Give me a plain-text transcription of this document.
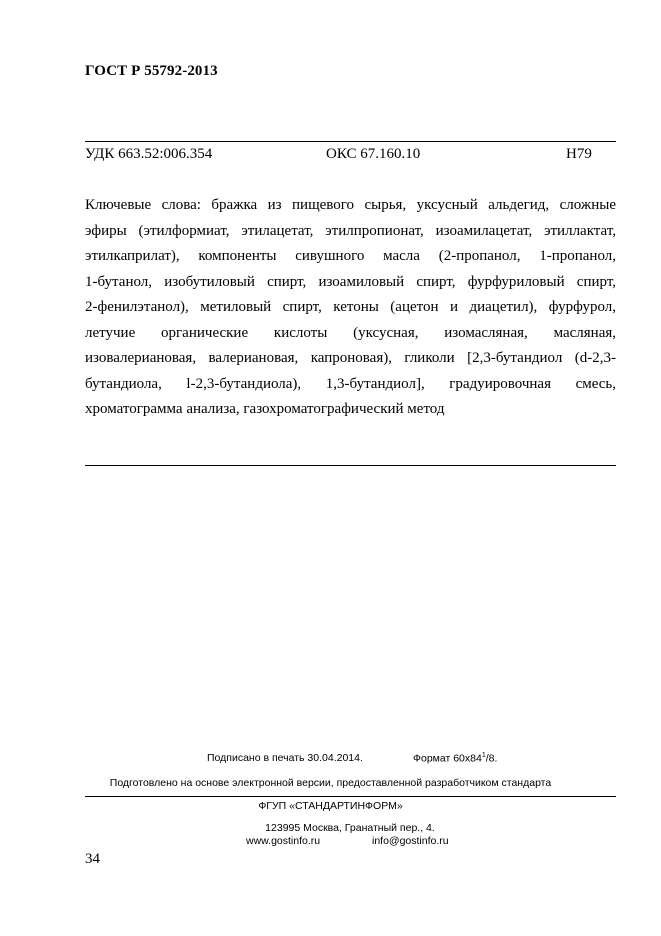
ГОСТ Р 55792-2013
УДК 663.52:006.354	ОКС 67.160.10	Н79
Ключевые слова: бражка из пищевого сырья, уксусный альдегид, сложные
эфиры (этилформиат, этилацетат, этилпропионат, изоамилацетат, этиллактат,
этилкаприлат), компоненты сивушного масла (2-пропанол, 1-пропанол,
1-бутанол, изобутиловый спирт, изоамиловый спирт, фурфуриловый спирт,
2-фенилэтанол), метиловый спирт, кетоны (ацетон и диацетил), фурфурол,
летучие органические кислоты (уксусная, изомасляная, масляная,
изовалериановая, валериановая, капроновая), гликоли [2,3-бутандиол (d-2,3-
бутандиола, l-2,3-бутандиола), 1,3-бутандиол], градуировочная смесь,
хроматограмма анализа, газохроматографический метод
Подписано в печать 30.04.2014.	Формат $60x84^1/8$.
Подготовлено на основе электронной версии, предоставленной разработчиком стандарта
ФГУП «СТАНДАРТИНФОРМ»
123995 Москва, Гранатный пер., 4.
www.gostinfo.ru	info@gostinfo.ru
34
